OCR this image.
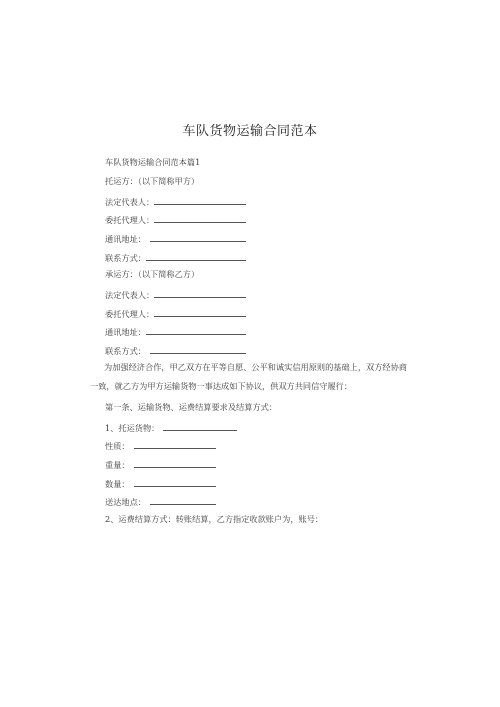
车队货物运输合同范本
车队货物运输合同范本篇1
托运方：（以下简称甲方）
法定代表人：
委托代理人：
通讯地址：
联系方式：
承运方：（以下简称乙方）
法定代表人：
委托代理人：
通讯地址：
联系方式：
为加强经济合作，甲乙双方在平等自愿、公平和诚实信用原则的基础上，双方经协商一致，就乙方为甲方运输货物一事达成如下协议，供双方共同信守履行：
第一条、运输货物、运费结算要求及结算方式：
1、托运货物：
性质：
重量：
数量：
送达地点：
2、运费结算方式：转账结算，乙方指定收款账户为，账号：
